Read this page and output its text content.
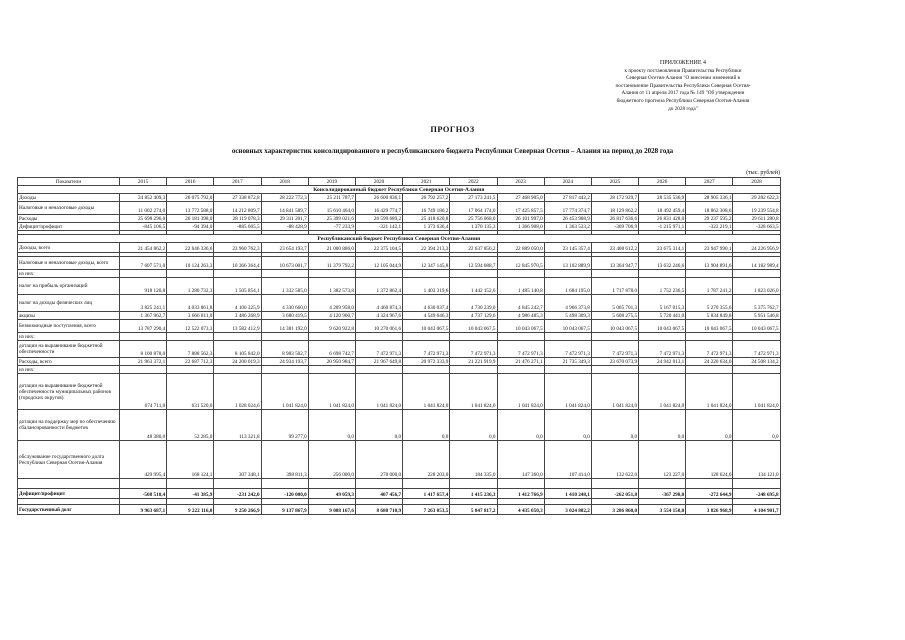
ПРИЛОЖЕНИЕ 4
к проекту постановления Правительства Республики
Северная Осетия-Алания "О внесении изменений в
постановление Правительства Республики Северная Осетия-
Алания от 11 апреля 2017 года № 149 "Об утверждении
бюджетного прогноза Республики Северная Осетия-Алания
до 2028 года"
ПРОГНОЗ
основных характеристик консолидированного и республиканского бюджета Республики Северная Осетия – Алания на период до 2028 года
(тыс. рублей)
Показатели	2015	2016	2017	2018	2019	2020	2021	2022	2023	2024	2025	2026	2027	2028
Консолидированный бюджет Республики Северная Осетия-Алания														
Доходы	24 852 409,3	26 075 792,0	27 338 872,8	28 222 772,3	25 211 787,7	26 600 836,1	26 792 257,2	27 173 241,5	27 468 905,0	27 817 442,2	28 172 929,7	28 535 536,9	28 905 336,1	29 282 622,3
Налоговые и неналоговые доходы	11 002 274,0	13 772 588,0	14 212 809,7	14 841 589,7	15 610 464,0	16 429 774,7	16 749 180,2	17 064 174,0	17 425 857,5	17 774 374,7	18 129 862,2	18 492 459,4	18 862 308,6	19 239 554,8
Расходы	25 698 296,0	26 181 398,0	28 119 078,3	29 311 201,7	25 399 021,6	26 599 689,2	25 418 620,8	25 756 068,0	26 101 997,0	26 453 908,9	26 817 636,6	26 831 428,0	29 237 595,2	29 611 280,8
Дефицит/профицит	-845 106,5	-94 394,0	-885 605,5	-88 428,9	-77 233,9	-321 142,1	1 373 636,4	1 370 135,3	1 366 908,0	1 363 533,2	-369 706,9	-1 215 971,1	-322 219,1	-328 663,5

Республиканский бюджет Республики Северная Осетия-Алания														
Доходы, всего	21 454 862,2	22 646 336,6	23 960 762,3	23 654 193,7	21 000 886,0	22 375 104,5	22 394 213,3	22 637 856,2	22 889 050,0	23 145 357,4	23 408 612,2	23 675 314,1	23 947 990,1	24 226 956,9

Налоговые и неналоговые доходы, всего	7 607 571,0	10 124 263,3	10 366 364,4	10 673 001,7	11 379 792,2	12 105 044,9	12 347 145,8	12 594 088,7	12 845 970,5	13 102 889,9	13 364 947,7	13 632 246,6	13 904 891,6	14 182 989,4
из них:														
налог на прибыль организаций	918 120,8	1 280 732,3	1 505 854,1	1 332 585,0	1 382 573,8	1 372 862,4	1 403 319,6	1 442 152,6	1 485 140,8	1 684 195,0	1 717 878,0	1 752 236,5	1 787 241,2	1 823 026,0
налог на доходы физических лиц	3 825 241,1	4 033 861,8	4 100 325,9	4 330 660,0	4 209 958,0	4 460 874,3	4 630 037,4	4 730 239,0	4 845 242,7	4 966 373,8	5 065 701,3	5 167 015,3	5 270 355,6	5 375 762,7
акцизы	1 367 962,7	3 666 811,0	3 486 268,9	3 680 419,5	4 120 900,7	4 324 967,6	4 549 646,3	4 737 129,6	4 986 485,3	5 498 309,3	5 608 275,5	5 720 441,0	5 834 849,8	5 951 546,8
Безвозмездные поступления, всего	13 787 290,4	12 522 073,3	13 582 412,9	14 381 192,0	9 620 922,8	10 270 061,6	10 043 067,5	10 043 067,5	10 043 067,5	10 043 067,5	10 043 067,5	10 043 067,5	10 043 067,5	10 043 067,5
из них:														
дотации на выравнивание бюджетной обеспеченности	8 100 878,0	7 888 562,3	8 105 842,0	8 983 502,7	6 698 742,7	7 472 971,3	7 472 971,3	7 472 971,3	7 472 971,3	7 472 971,3	7 472 971,3	7 472 971,3	7 472 971,3	7 472 971,3
Расходы, всего	21 963 372,1	22 687 712,3	24 200 019,3	24 934 193,7	20 950 984,7	21 967 649,8	20 972 333,9	21 221 919,9	21 476 271,1	21 735 349,3	23 670 073,9	24 942 013,1	24 220 634,0	24 508 134,2
из них:														
дотации на выравнивание бюджетной обеспеченности муниципальных районов (городских округов)	674 711,0	631 520,0	1 028 024,6	1 041 824,0	1 041 824,0	1 041 824,0	1 041 824,0	1 041 824,0	1 041 824,0	1 041 824,0	1 041 824,0	1 041 824,0	1 041 824,0	1 041 824,0
дотации на поддержку мер по обеспечению сбалансированности бюджетов	48 380,0	52 285,0	113 321,8	99 277,0	0,0	0,0	0,0	0,0	0,0	0,0	0,0	0,0	0,0	0,0
обслуживание государственного долга Республики Северная Осетия-Алания	429 995,4	168 124,1	307 348,1	398 811,3	256 000,0	270 000,0	228 203,0	184 335,0	147 360,0	107 414,0	132 622,0	123 227,0	128 624,0	134 121,0

Дефицит/профицит	-508 510,4	-41 385,9	-231 242,0	-120 000,0	49 059,3	407 456,7	1 417 657,4	1 415 236,3	1 412 766,9	1 410 248,1	-262 051,8	-367 290,0	-272 644,9	-248 695,8

Государственный долг	9 963 687,1	9 222 116,0	9 250 266,9	9 137 867,9	9 088 167,6	8 680 710,9	7 263 053,5	5 847 817,2	4 435 050,3	3 024 802,2	3 286 860,0	3 554 150,0	3 826 968,9	4 104 901,7
